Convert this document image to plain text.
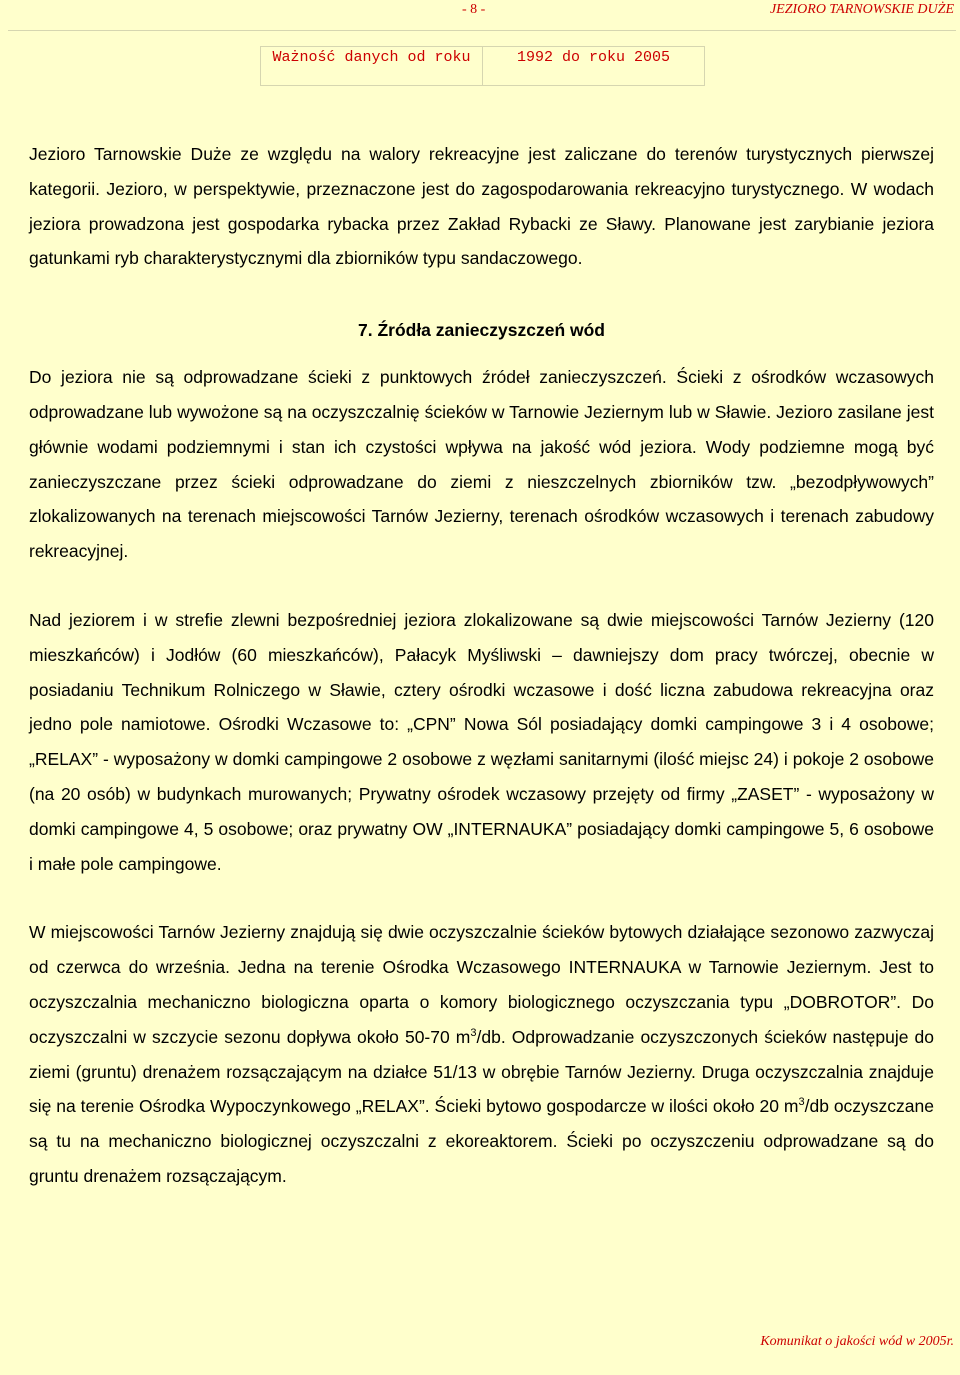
- 8 -	JEZIORO TARNOWSKIE DUŻE
Ważność danych od roku	1992 do roku 2005

Jezioro Tarnowskie Duże ze względu na walory rekreacyjne jest zaliczane do terenów turystycznych pierwszej kategorii. Jezioro, w perspektywie, przeznaczone jest do zagospodarowania rekreacyjno turystycznego. W wodach jeziora prowadzona jest gospodarka rybacka przez Zakład Rybacki ze Sławy. Planowane jest zarybianie jeziora gatunkami ryb charakterystycznymi dla zbiorników typu sandaczowego.

7. Źródła zanieczyszczeń wód

Do jeziora nie są odprowadzane ścieki z punktowych źródeł zanieczyszczeń. Ścieki z ośrodków wczasowych odprowadzane lub wywożone są na oczyszczalnię ścieków w Tarnowie Jeziernym lub w Sławie. Jezioro zasilane jest głównie wodami podziemnymi i stan ich czystości wpływa na jakość wód jeziora. Wody podziemne mogą być zanieczyszczane przez ścieki odprowadzane do ziemi z nieszczelnych zbiorników tzw. „bezodpływowych” zlokalizowanych na terenach miejscowości Tarnów Jezierny, terenach ośrodków wczasowych i terenach zabudowy rekreacyjnej.

Nad jeziorem i w strefie zlewni bezpośredniej jeziora zlokalizowane są dwie miejscowości Tarnów Jezierny (120 mieszkańców) i Jodłów (60 mieszkańców), Pałacyk Myśliwski – dawniejszy dom pracy twórczej, obecnie w posiadaniu Technikum Rolniczego w Sławie, cztery ośrodki wczasowe i dość liczna zabudowa rekreacyjna oraz jedno pole namiotowe. Ośrodki Wczasowe to: „CPN” Nowa Sól posiadający domki campingowe 3 i 4 osobowe; „RELAX” - wyposażony w domki campingowe 2 osobowe z węzłami sanitarnymi (ilość miejsc 24) i pokoje 2 osobowe (na 20 osób) w budynkach murowanych; Prywatny ośrodek wczasowy przejęty od firmy „ZASET” - wyposażony w domki campingowe 4, 5 osobowe; oraz prywatny OW „INTERNAUKA” posiadający domki campingowe 5, 6 osobowe i małe pole campingowe.

W miejscowości Tarnów Jezierny znajdują się dwie oczyszczalnie ścieków bytowych działające sezonowo zazwyczaj od czerwca do września. Jedna na terenie Ośrodka Wczasowego INTERNAUKA w Tarnowie Jeziernym. Jest to oczyszczalnia mechaniczno biologiczna oparta o komory biologicznego oczyszczania typu „DOBROTOR”. Do oczyszczalni w szczycie sezonu dopływa około 50-70 $m^3/db$. Odprowadzanie oczyszczonych ścieków następuje do ziemi (gruntu) drenażem rozsączającym na działce 51/13 w obrębie Tarnów Jezierny. Druga oczyszczalnia znajduje się na terenie Ośrodka Wypoczynkowego „RELAX”. Ścieki bytowo gospodarcze w ilości około 20 $m^3/db$ oczyszczane są tu na mechaniczno biologicznej oczyszczalni z ekoreaktorem. Ścieki po oczyszczeniu odprowadzane są do gruntu drenażem rozsączającym.

Komunikat o jakości wód w 2005r.
